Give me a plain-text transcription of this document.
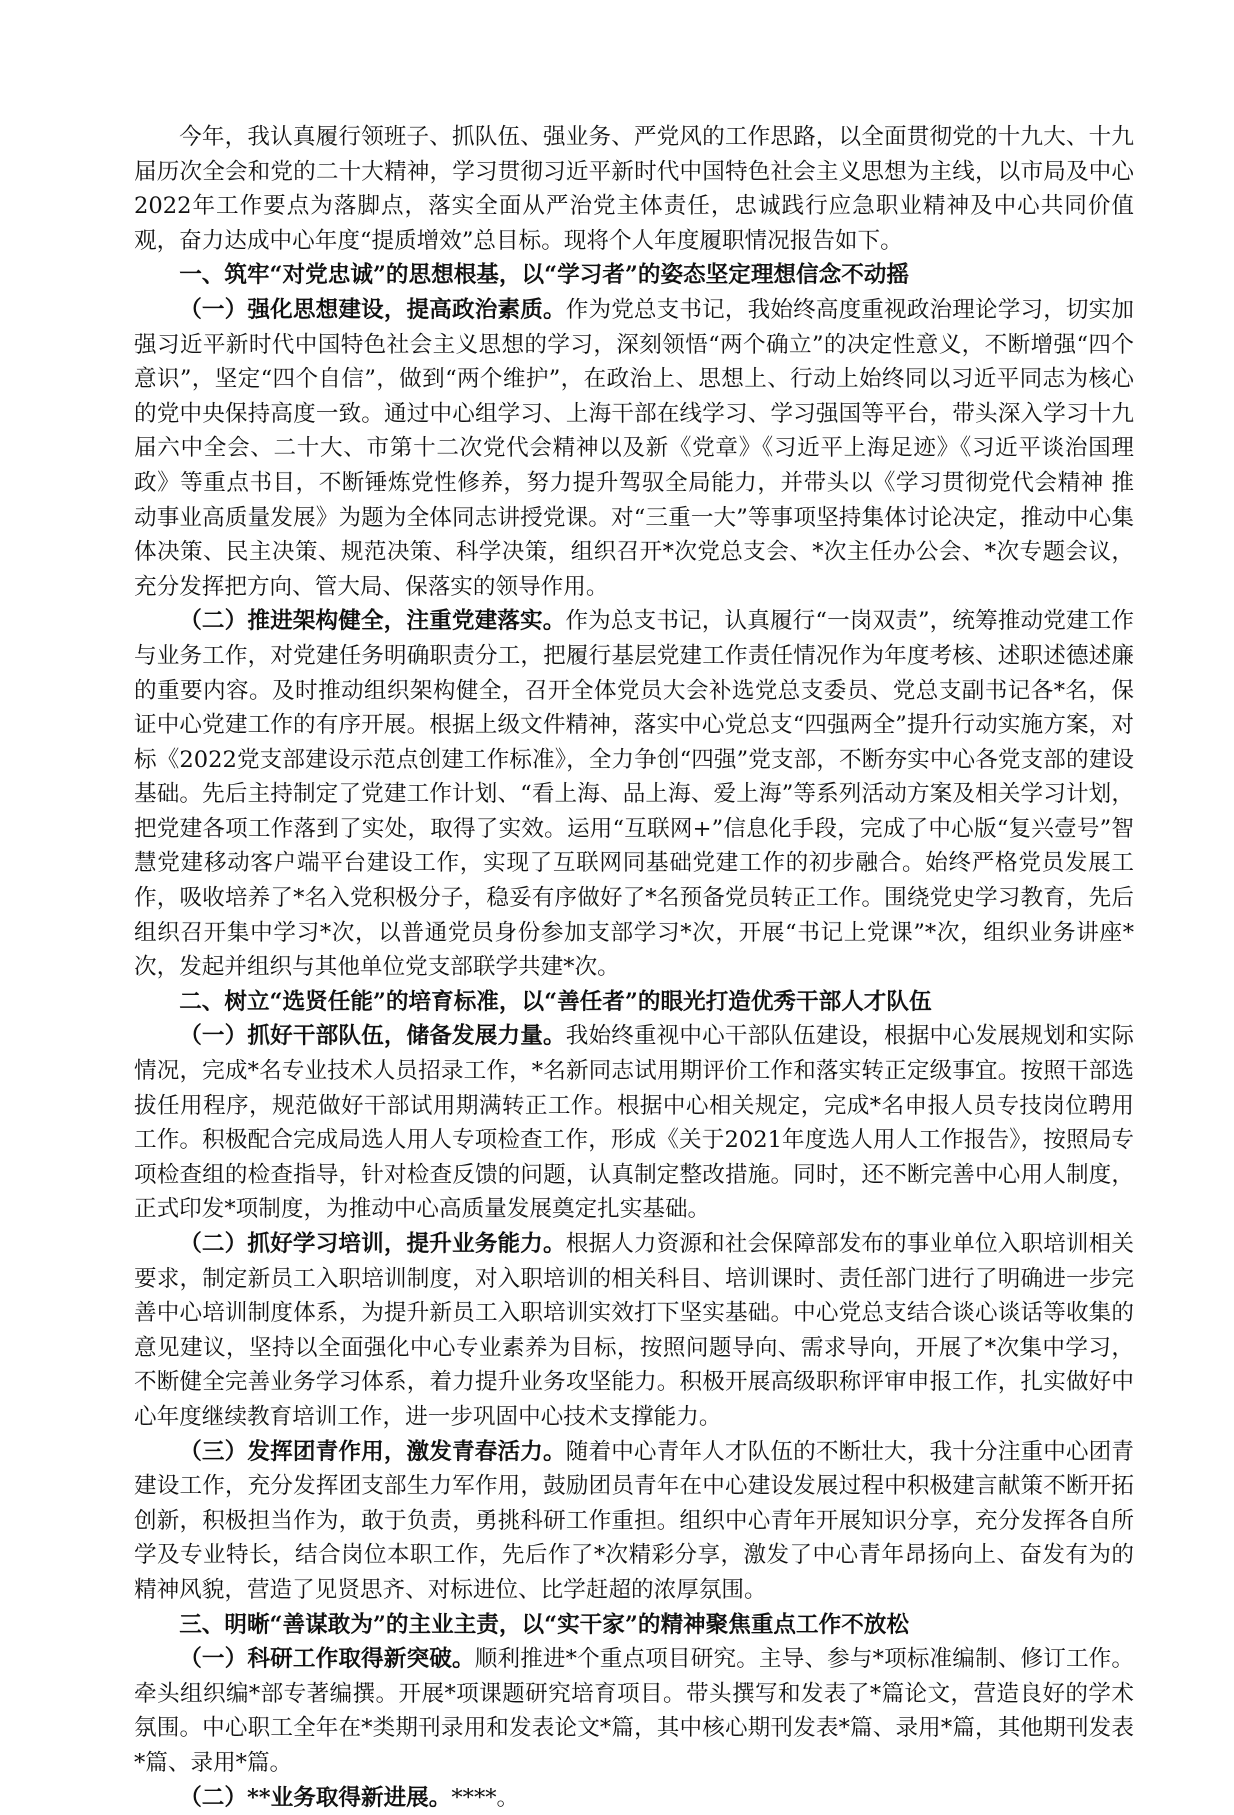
今年，我认真履行领班子、抓队伍、强业务、严党风的工作思路，以全面贯彻党的十九大、十九届历次全会和党的二十大精神，学习贯彻习近平新时代中国特色社会主义思想为主线，以市局及中心2022年工作要点为落脚点，落实全面从严治党主体责任，忠诚践行应急职业精神及中心共同价值观，奋力达成中心年度“提质增效”总目标。现将个人年度履职情况报告如下。

一、筑牢“对党忠诚”的思想根基，以“学习者”的姿态坚定理想信念不动摇

（一）强化思想建设，提高政治素质。作为党总支书记，我始终高度重视政治理论学习，切实加强习近平新时代中国特色社会主义思想的学习，深刻领悟“两个确立”的决定性意义，不断增强“四个意识”，坚定“四个自信”，做到“两个维护”，在政治上、思想上、行动上始终同以习近平同志为核心的党中央保持高度一致。通过中心组学习、上海干部在线学习、学习强国等平台，带头深入学习十九届六中全会、二十大、市第十二次党代会精神以及新《党章》《习近平上海足迹》《习近平谈治国理政》等重点书目，不断锤炼党性修养，努力提升驾驭全局能力，并带头以《学习贯彻党代会精神 推动事业高质量发展》为题为全体同志讲授党课。对“三重一大”等事项坚持集体讨论决定，推动中心集体决策、民主决策、规范决策、科学决策，组织召开*次党总支会、*次主任办公会、*次专题会议，充分发挥把方向、管大局、保落实的领导作用。

（二）推进架构健全，注重党建落实。作为总支书记，认真履行“一岗双责”，统筹推动党建工作与业务工作，对党建任务明确职责分工，把履行基层党建工作责任情况作为年度考核、述职述德述廉的重要内容。及时推动组织架构健全，召开全体党员大会补选党总支委员、党总支副书记各*名，保证中心党建工作的有序开展。根据上级文件精神，落实中心党总支“四强两全”提升行动实施方案，对标《2022党支部建设示范点创建工作标准》，全力争创“四强”党支部，不断夯实中心各党支部的建设基础。先后主持制定了党建工作计划、“看上海、品上海、爱上海”等系列活动方案及相关学习计划，把党建各项工作落到了实处，取得了实效。运用“互联网+”信息化手段，完成了中心版“复兴壹号”智慧党建移动客户端平台建设工作，实现了互联网同基础党建工作的初步融合。始终严格党员发展工作，吸收培养了*名入党积极分子，稳妥有序做好了*名预备党员转正工作。围绕党史学习教育，先后组织召开集中学习*次，以普通党员身份参加支部学习*次，开展“书记上党课”*次，组织业务讲座*次，发起并组织与其他单位党支部联学共建*次。

二、树立“选贤任能”的培育标准，以“善任者”的眼光打造优秀干部人才队伍

（一）抓好干部队伍，储备发展力量。我始终重视中心干部队伍建设，根据中心发展规划和实际情况，完成*名专业技术人员招录工作，*名新同志试用期评价工作和落实转正定级事宜。按照干部选拔任用程序，规范做好干部试用期满转正工作。根据中心相关规定，完成*名申报人员专技岗位聘用工作。积极配合完成局选人用人专项检查工作，形成《关于2021年度选人用人工作报告》，按照局专项检查组的检查指导，针对检查反馈的问题，认真制定整改措施。同时，还不断完善中心用人制度，正式印发*项制度，为推动中心高质量发展奠定扎实基础。

（二）抓好学习培训，提升业务能力。根据人力资源和社会保障部发布的事业单位入职培训相关要求，制定新员工入职培训制度，对入职培训的相关科目、培训课时、责任部门进行了明确进一步完善中心培训制度体系，为提升新员工入职培训实效打下坚实基础。中心党总支结合谈心谈话等收集的意见建议，坚持以全面强化中心专业素养为目标，按照问题导向、需求导向，开展了*次集中学习，不断健全完善业务学习体系，着力提升业务攻坚能力。积极开展高级职称评审申报工作，扎实做好中心年度继续教育培训工作，进一步巩固中心技术支撑能力。

（三）发挥团青作用，激发青春活力。随着中心青年人才队伍的不断壮大，我十分注重中心团青建设工作，充分发挥团支部生力军作用，鼓励团员青年在中心建设发展过程中积极建言献策不断开拓创新，积极担当作为，敢于负责，勇挑科研工作重担。组织中心青年开展知识分享，充分发挥各自所学及专业特长，结合岗位本职工作，先后作了*次精彩分享，激发了中心青年昂扬向上、奋发有为的精神风貌，营造了见贤思齐、对标进位、比学赶超的浓厚氛围。

三、明晰“善谋敢为”的主业主责，以“实干家”的精神聚焦重点工作不放松

（一）科研工作取得新突破。顺利推进*个重点项目研究。主导、参与*项标准编制、修订工作。牵头组织编*部专著编撰。开展*项课题研究培育项目。带头撰写和发表了*篇论文，营造良好的学术氛围。中心职工全年在*类期刊录用和发表论文*篇，其中核心期刊发表*篇、录用*篇，其他期刊发表*篇、录用*篇。

（二）**业务取得新进展。****。
